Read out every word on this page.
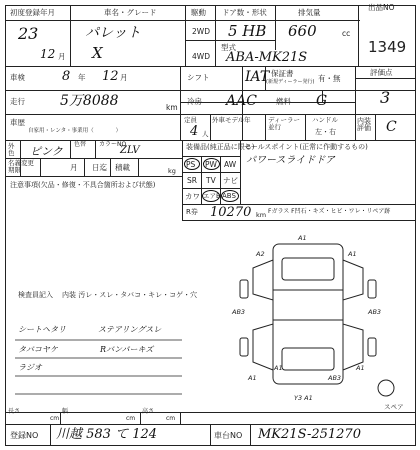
初度登録年月	車名・グレード	駆動 ドア数・形状	排気量
出品NO
1349
23
12 月
パレット
X
2WD
4WD
5 HB 660	cc
型式
ABA-MK21S
車検	8 年 12 月	シフト	IAT 保証書
(新規ディーラー発行) 有・無
評価点
3
走行	5万8088	km
冷房 AAC	燃料 G
内装評価 C
車歴
自家用・レンタ・事業用（　　　　）
定員
4 人
外車モデル年	ディーラー並行
ハンドル
左・右
外色	ピンク
色替 カラーNO
ZLV
名義変更期限	月 日迄 積載	kg
注意事項(欠品・修復・不具合箇所および状態)
装備品(純正品に限る)
PS PW AW
SR TV ナビ
カワ エアB ABS
セールスポイント(正常に作動するもの)
パワースライドドア
R券 10270 km Fガラス F凹石・キズ・ヒビ・ワレ・リペア跡
検査員記入 内装 汚レ・スレ・タバコ・キレ・コゲ・穴
シートヘタリ	ステアリングスレ
タバコヤケ	Rバンパーキズ
ラジオ
A1
A2	A1
AB3	AB3
A1	AB3
A1
Y3 A1
A1
スペア
長さ
cm
幅
cm
高さ
cm
登録NO 川越 583 て 124	車台NO MK21S-251270
